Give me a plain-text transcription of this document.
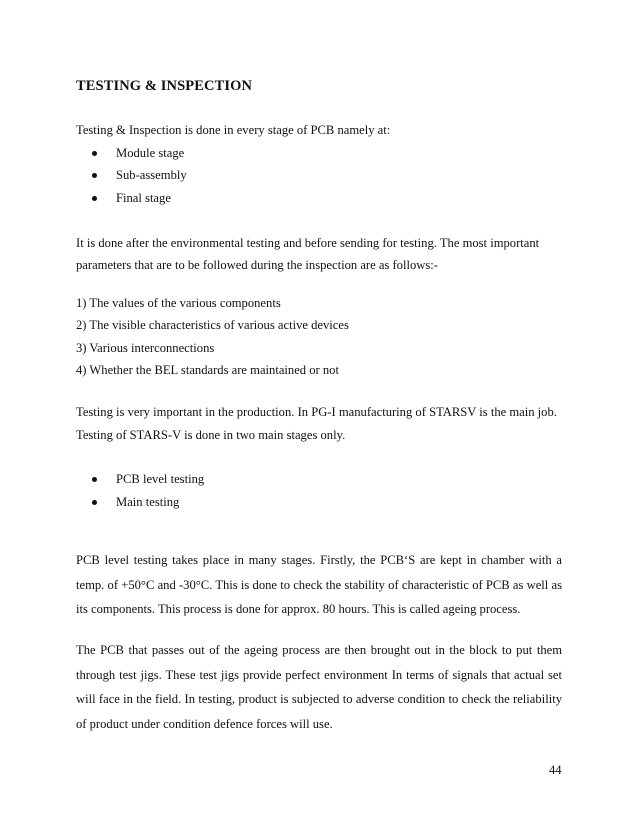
TESTING & INSPECTION
Testing & Inspection is done in every stage of PCB namely at:
Module stage
Sub-assembly
Final stage
It is done after the environmental testing and before sending for testing. The most important
parameters that are to be followed during the inspection are as follows:-
1) The values of the various components
2) The visible characteristics of various active devices
3) Various interconnections
4) Whether the BEL standards are maintained or not
Testing is very important in the production. In PG-I manufacturing of STARSV is the main job.
Testing of STARS-V is done in two main stages only.
PCB level testing
Main testing
PCB level testing takes place in many stages. Firstly, the PCB‘S are kept in chamber with a
temp. of +50°C and -30°C. This is done to check the stability of characteristic of PCB as well as
its components. This process is done for approx. 80 hours. This is called ageing process.
The PCB that passes out of the ageing process are then brought out in the block to put them
through test jigs. These test jigs provide perfect environment In terms of signals that actual set
will face in the field. In testing, product is subjected to adverse condition to check the reliability
of product under condition defence forces will use.
44
